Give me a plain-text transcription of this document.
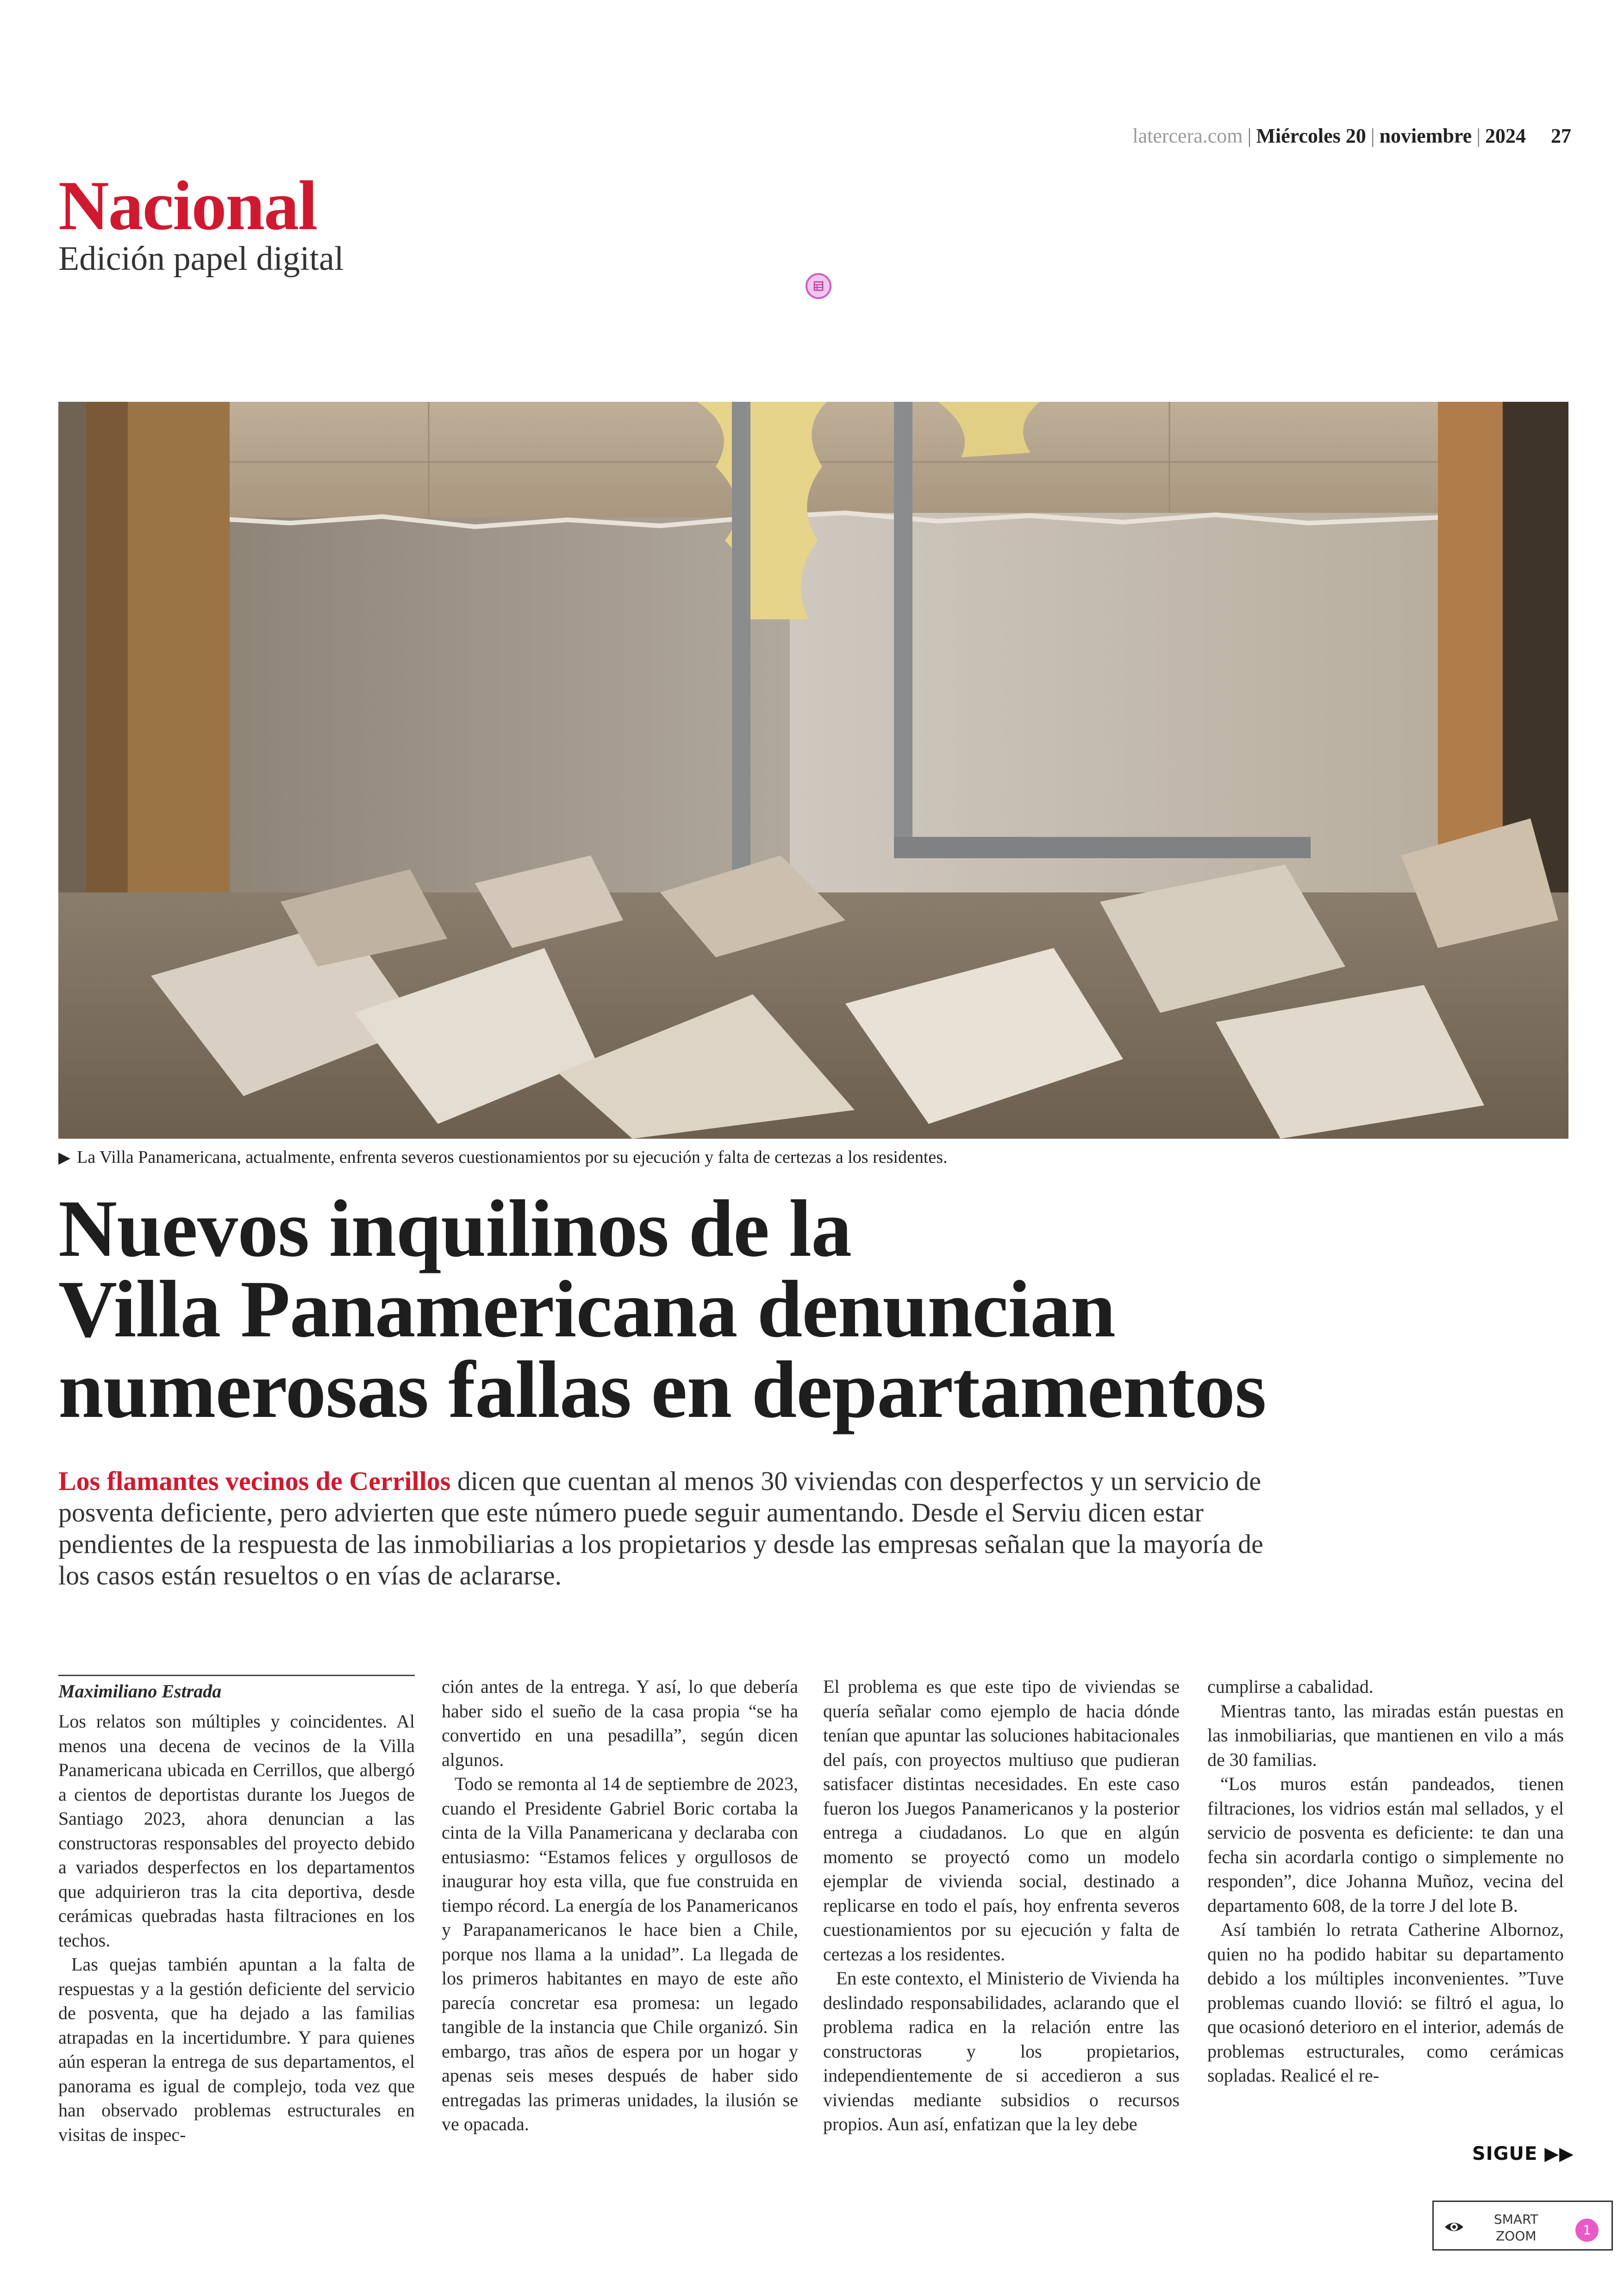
latercera.com | Miércoles 20 | noviembre | 2024 27
Nacional
Edición papel digital
▶ La Villa Panamericana, actualmente, enfrenta severos cuestionamientos por su ejecución y falta de certezas a los residentes.
Nuevos inquilinos de la
Villa Panamericana denuncian
numerosas fallas en departamentos

Los flamantes vecinos de Cerrillos dicen que cuentan al menos 30 viviendas con desperfectos y un servicio de posventa deficiente, pero advierten que este número puede seguir aumentando. Desde el Serviu dicen estar pendientes de la respuesta de las inmobiliarias a los propietarios y desde las empresas señalan que la mayoría de los casos están resueltos o en vías de aclararse.

Maximiliano Estrada

Los relatos son múltiples y coincidentes. Al menos una decena de vecinos de la Villa Panamericana ubicada en Cerrillos, que albergó a cientos de deportistas durante los Juegos de Santiago 2023, ahora denuncian a las constructoras responsables del proyecto debido a variados desperfectos en los departamentos que adquirieron tras la cita deportiva, desde cerámicas quebradas hasta filtraciones en los techos.

Las quejas también apuntan a la falta de respuestas y a la gestión deficiente del servicio de posventa, que ha dejado a las familias atrapadas en la incertidumbre. Y para quienes aún esperan la entrega de sus departamentos, el panorama es igual de complejo, toda vez que han observado problemas estructurales en visitas de inspec-

ción antes de la entrega. Y así, lo que debería haber sido el sueño de la casa propia “se ha convertido en una pesadilla”, según dicen algunos.

Todo se remonta al 14 de septiembre de 2023, cuando el Presidente Gabriel Boric cortaba la cinta de la Villa Panamericana y declaraba con entusiasmo: “Estamos felices y orgullosos de inaugurar hoy esta villa, que fue construida en tiempo récord. La energía de los Panamericanos y Parapanamericanos le hace bien a Chile, porque nos llama a la unidad”. La llegada de los primeros habitantes en mayo de este año parecía concretar esa promesa: un legado tangible de la instancia que Chile organizó. Sin embargo, tras años de espera por un hogar y apenas seis meses después de haber sido entregadas las primeras unidades, la ilusión se ve opacada.

El problema es que este tipo de viviendas se quería señalar como ejemplo de hacia dónde tenían que apuntar las soluciones habitacionales del país, con proyectos multiuso que pudieran satisfacer distintas necesidades. En este caso fueron los Juegos Panamericanos y la posterior entrega a ciudadanos. Lo que en algún momento se proyectó como un modelo ejemplar de vivienda social, destinado a replicarse en todo el país, hoy enfrenta severos cuestionamientos por su ejecución y falta de certezas a los residentes.

En este contexto, el Ministerio de Vivienda ha deslindado responsabilidades, aclarando que el problema radica en la relación entre las constructoras y los propietarios, independientemente de si accedieron a sus viviendas mediante subsidios o recursos propios. Aun así, enfatizan que la ley debe

cumplirse a cabalidad.

Mientras tanto, las miradas están puestas en las inmobiliarias, que mantienen en vilo a más de 30 familias.

“Los muros están pandeados, tienen filtraciones, los vidrios están mal sellados, y el servicio de posventa es deficiente: te dan una fecha sin acordarla contigo o simplemente no responden”, dice Johanna Muñoz, vecina del departamento 608, de la torre J del lote B.

Así también lo retrata Catherine Albornoz, quien no ha podido habitar su departamento debido a los múltiples inconvenientes. ”Tuve problemas cuando llovió: se filtró el agua, lo que ocasionó deterioro en el interior, además de problemas estructurales, como cerámicas sopladas. Realicé el re-

SIGUE ▶▶
SMART
ZOOM	1
